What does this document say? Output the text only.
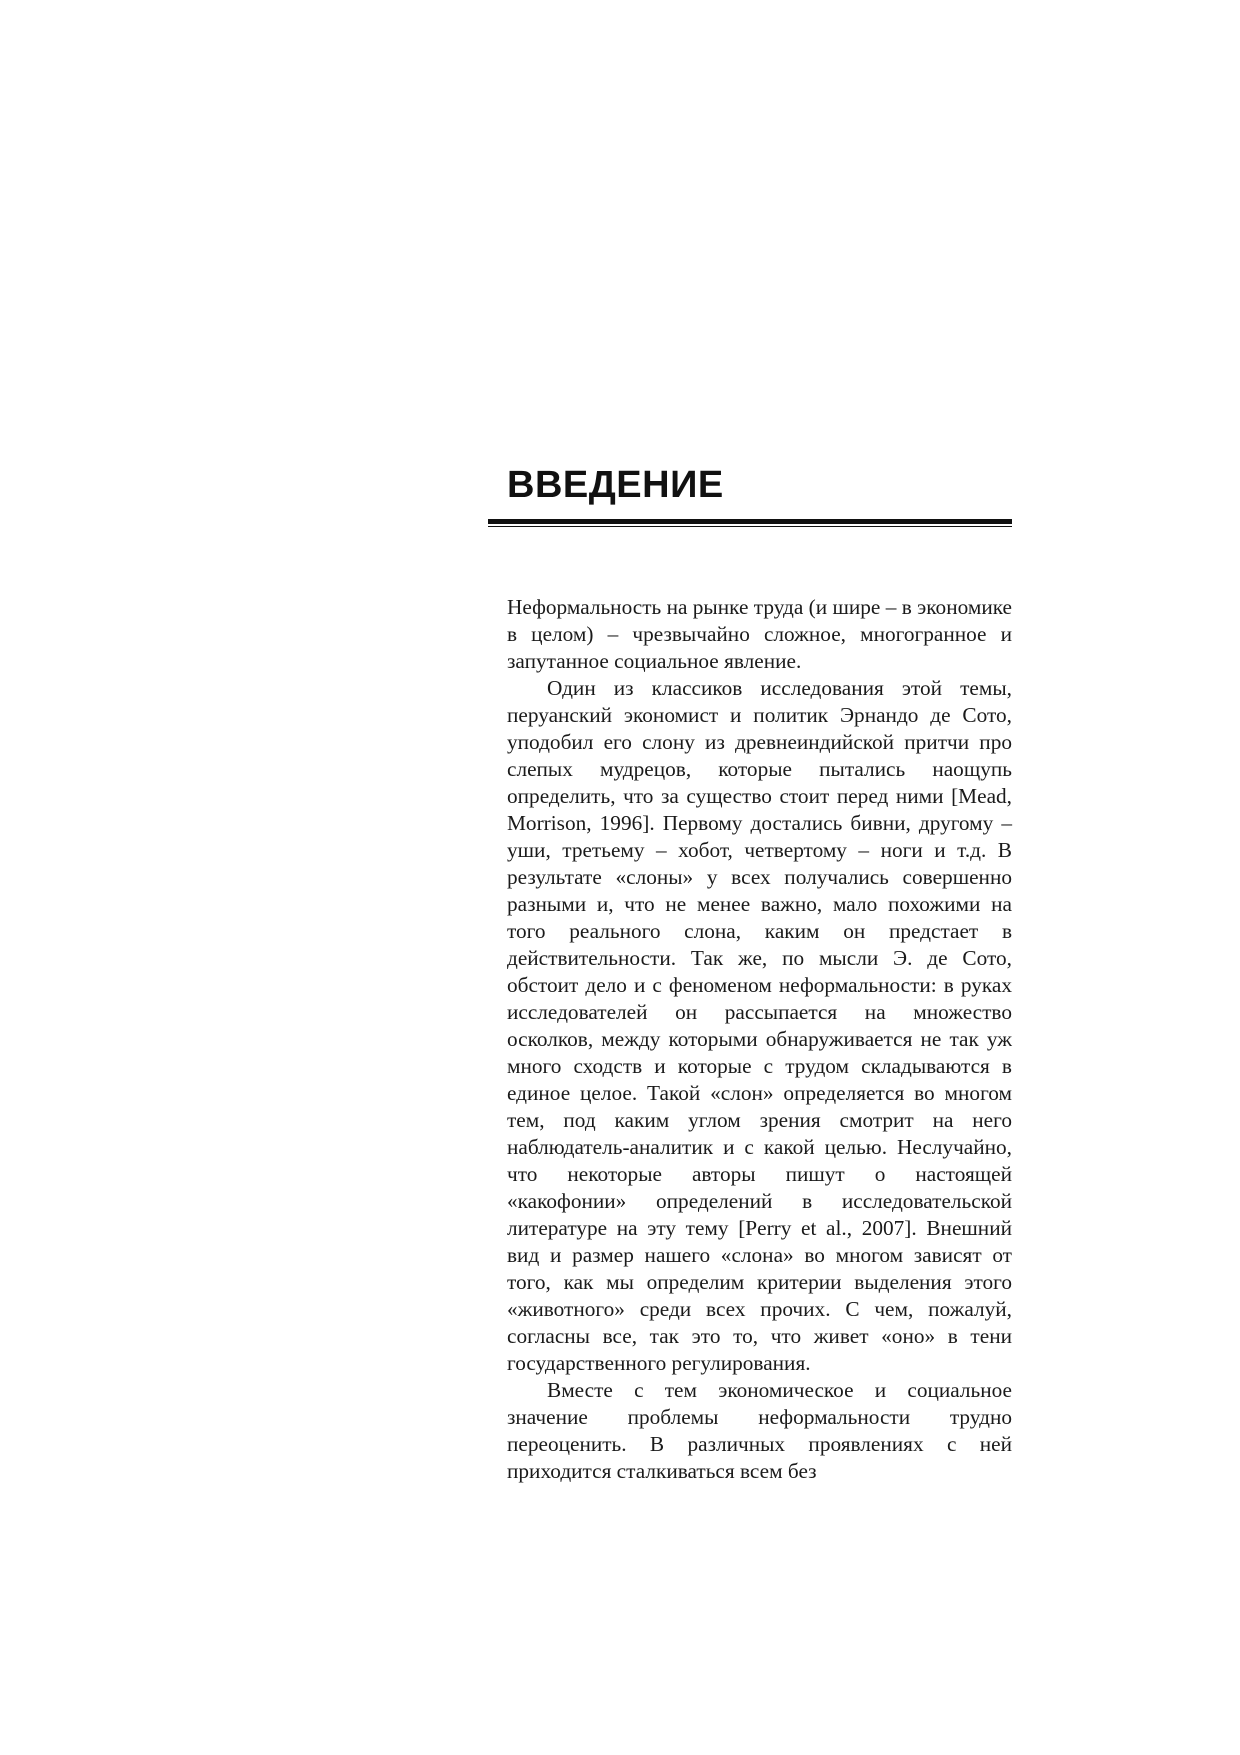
ВВЕДЕНИЕ

Неформальность на рынке труда (и шире – в экономике в целом) – чрезвычайно сложное, многогранное и запутанное социальное явление.

Один из классиков исследования этой темы, перуанский экономист и политик Эрнандо де Сото, уподобил его слону из древнеиндийской притчи про слепых мудрецов, которые пытались наощупь определить, что за существо стоит перед ними [Mead, Morrison, 1996]. Первому достались бивни, другому – уши, третьему – хобот, четвертому – ноги и т.д. В результате «слоны» у всех получались совершенно разными и, что не менее важно, мало похожими на того реального слона, каким он предстает в действительности. Так же, по мысли Э. де Сото, обстоит дело и с феноменом неформальности: в руках исследователей он рассыпается на множество осколков, между которыми обнаруживается не так уж много сходств и которые с трудом складываются в единое целое. Такой «слон» определяется во многом тем, под каким углом зрения смотрит на него наблюдатель-аналитик и с какой целью. Неслучайно, что некоторые авторы пишут о настоящей «какофонии» определений в исследовательской литературе на эту тему [Perry et al., 2007]. Внешний вид и размер нашего «слона» во многом зависят от того, как мы определим критерии выделения этого «животного» среди всех прочих. С чем, пожалуй, согласны все, так это то, что живет «оно» в тени государственного регулирования.

Вместе с тем экономическое и социальное значение проблемы неформальности трудно переоценить. В различных проявлениях с ней приходится сталкиваться всем без
